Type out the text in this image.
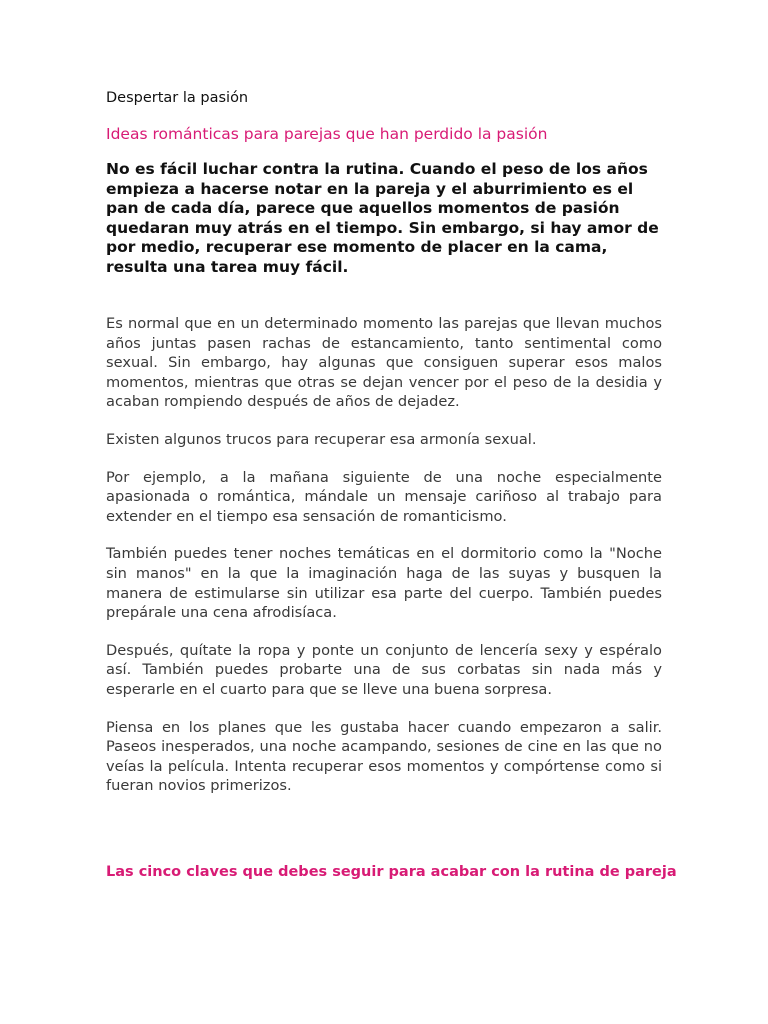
Despertar la pasión

Ideas románticas para parejas que han perdido la pasión

No es fácil luchar contra la rutina. Cuando el peso de los años empieza a hacerse notar en la pareja y el aburrimiento es el pan de cada día, parece que aquellos momentos de pasión quedaran muy atrás en el tiempo. Sin embargo, si hay amor de por medio, recuperar ese momento de placer en la cama, resulta una tarea muy fácil.

Es normal que en un determinado momento las parejas que llevan muchos años juntas pasen rachas de estancamiento, tanto sentimental como sexual. Sin embargo, hay algunas que consiguen superar esos malos momentos, mientras que otras se dejan vencer por el peso de la desidia y acaban rompiendo después de años de dejadez.

Existen algunos trucos para recuperar esa armonía sexual.

Por ejemplo, a la mañana siguiente de una noche especialmente apasionada o romántica, mándale un mensaje cariñoso al trabajo para extender en el tiempo esa sensación de romanticismo.

También puedes tener noches temáticas en el dormitorio como la "Noche sin manos" en la que la imaginación haga de las suyas y busquen la manera de estimularse sin utilizar esa parte del cuerpo. También puedes prepárale una cena afrodisíaca.

Después, quítate la ropa y ponte un conjunto de lencería sexy y espéralo así. También puedes probarte una de sus corbatas sin nada más y esperarle en el cuarto para que se lleve una buena sorpresa.

Piensa en los planes que les gustaba hacer cuando empezaron a salir. Paseos inesperados, una noche acampando, sesiones de cine en las que no veías la película. Intenta recuperar esos momentos y compórtense como si fueran novios primerizos.

Las cinco claves que debes seguir para acabar con la rutina de pareja
